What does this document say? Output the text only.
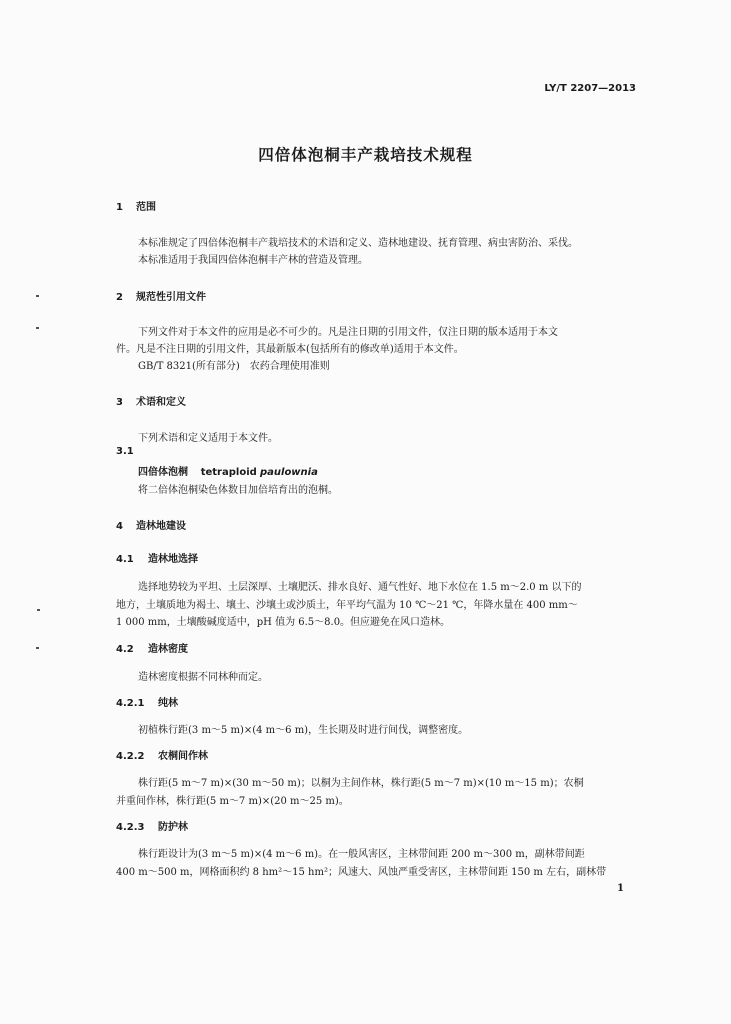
LY/T 2207—2013
四倍体泡桐丰产栽培技术规程
1 范围
本标准规定了四倍体泡桐丰产栽培技术的术语和定义、造林地建设、抚育管理、病虫害防治、采伐。
本标准适用于我国四倍体泡桐丰产林的营造及管理。
2 规范性引用文件
下列文件对于本文件的应用是必不可少的。凡是注日期的引用文件，仅注日期的版本适用于本文
件。凡是不注日期的引用文件，其最新版本(包括所有的修改单)适用于本文件。
GB/T 8321(所有部分)　农药合理使用准则
3 术语和定义
下列术语和定义适用于本文件。
3.1
四倍体泡桐 tetraploid paulownia
将二倍体泡桐染色体数目加倍培育出的泡桐。
4 造林地建设
4.1 造林地选择
选择地势较为平坦、土层深厚、土壤肥沃、排水良好、通气性好、地下水位在 1.5 m～2.0 m 以下的
地方，土壤质地为褐土、壤土、沙壤土或沙质土，年平均气温为 10 ℃～21 ℃，年降水量在 400 mm～
1 000 mm，土壤酸碱度适中，pH 值为 6.5～8.0。但应避免在风口造林。
4.2 造林密度
造林密度根据不同林种而定。
4.2.1 纯林
初植株行距(3 m～5 m)×(4 m～6 m)，生长期及时进行间伐，调整密度。
4.2.2 农桐间作林
株行距(5 m～7 m)×(30 m～50 m)；以桐为主间作林，株行距(5 m～7 m)×(10 m～15 m)；农桐
并重间作林，株行距(5 m～7 m)×(20 m～25 m)。
4.2.3 防护林
株行距设计为(3 m～5 m)×(4 m～6 m)。在一般风害区，主林带间距 200 m～300 m，副林带间距
400 m～500 m，网格面积约 8 hm²～15 hm²；风速大、风蚀严重受害区，主林带间距 150 m 左右，副林带
1
